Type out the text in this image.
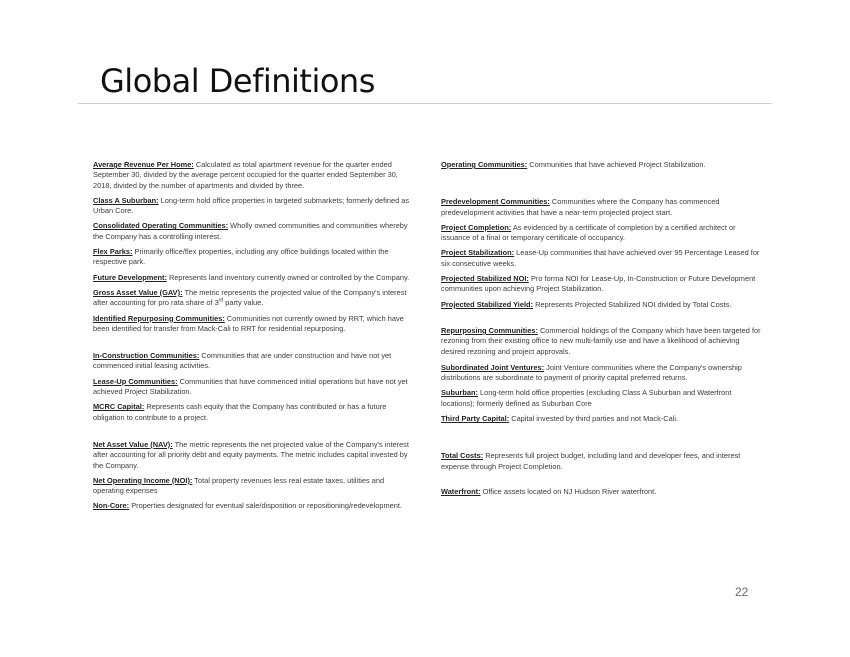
Global Definitions
Average Revenue Per Home: Calculated as total apartment revenue for the quarter ended September 30, divided by the average percent occupied for the quarter ended September 30, 2018, divided by the number of apartments and divided by three.
Class A Suburban: Long-term hold office properties in targeted submarkets; formerly defined as Urban Core.
Consolidated Operating Communities: Wholly owned communities and communities whereby the Company has a controlling interest.
Flex Parks: Primarily office/flex properties, including any office buildings located within the respective park.
Future Development: Represents land inventory currently owned or controlled by the Company.
Gross Asset Value (GAV): The metric represents the projected value of the Company's interest after accounting for pro rata share of 3rd party value.
Identified Repurposing Communities: Communities not currently owned by RRT, which have been identified for transfer from Mack-Cali to RRT for residential repurposing.
In-Construction Communities: Communities that are under construction and have not yet commenced initial leasing activities.
Lease-Up Communities: Communities that have commenced initial operations but have not yet achieved Project Stabilization.
MCRC Capital: Represents cash equity that the Company has contributed or has a future obligation to contribute to a project.
Net Asset Value (NAV): The metric represents the net projected value of the Company's interest after accounting for all priority debt and equity payments. The metric includes capital invested by the Company.
Net Operating Income (NOI): Total property revenues less real estate taxes, utilities and operating expenses
Non-Core: Properties designated for eventual sale/disposition or repositioning/redevelopment.
Operating Communities: Communities that have achieved Project Stabilization.
Predevelopment Communities: Communities where the Company has commenced predevelopment activities that have a near-term projected project start.
Project Completion: As evidenced by a certificate of completion by a certified architect or issuance of a final or temporary certificate of occupancy.
Project Stabilization: Lease-Up communities that have achieved over 95 Percentage Leased for six consecutive weeks.
Projected Stabilized NOI: Pro forma NOI for Lease-Up, In-Construction or Future Development communities upon achieving Project Stabilization.
Projected Stabilized Yield: Represents Projected Stabilized NOI divided by Total Costs.
Repurposing Communities: Commercial holdings of the Company which have been targeted for rezoning from their existing office to new multi-family use and have a likelihood of achieving desired rezoning and project approvals.
Subordinated Joint Ventures: Joint Venture communities where the Company's ownership distributions are subordinate to payment of priority capital preferred returns.
Suburban: Long-term hold office properties (excluding Class A Suburban and Waterfront locations); formerly defined as Suburban Core
Third Party Capital: Capital invested by third parties and not Mack-Cali.
Total Costs: Represents full project budget, including land and developer fees, and interest expense through Project Completion.
Waterfront: Office assets located on NJ Hudson River waterfront.
22
